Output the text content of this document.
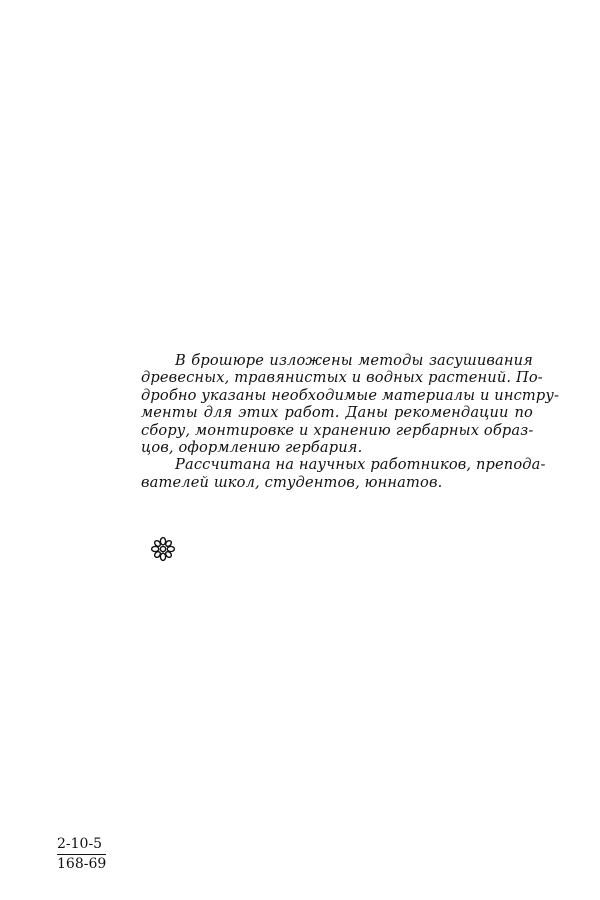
В брошюре изложены методы засушивания
древесных, травянистых и водных растений. По-
дробно указаны необходимые материалы и инстру-
менты для этих работ. Даны рекомендации по
сбору, монтировке и хранению гербарных образ-
цов, оформлению гербария.
Рассчитана на научных работников, препода-
вателей школ, студентов, юннатов.
$\frac{2-10-5}{168-69}$
